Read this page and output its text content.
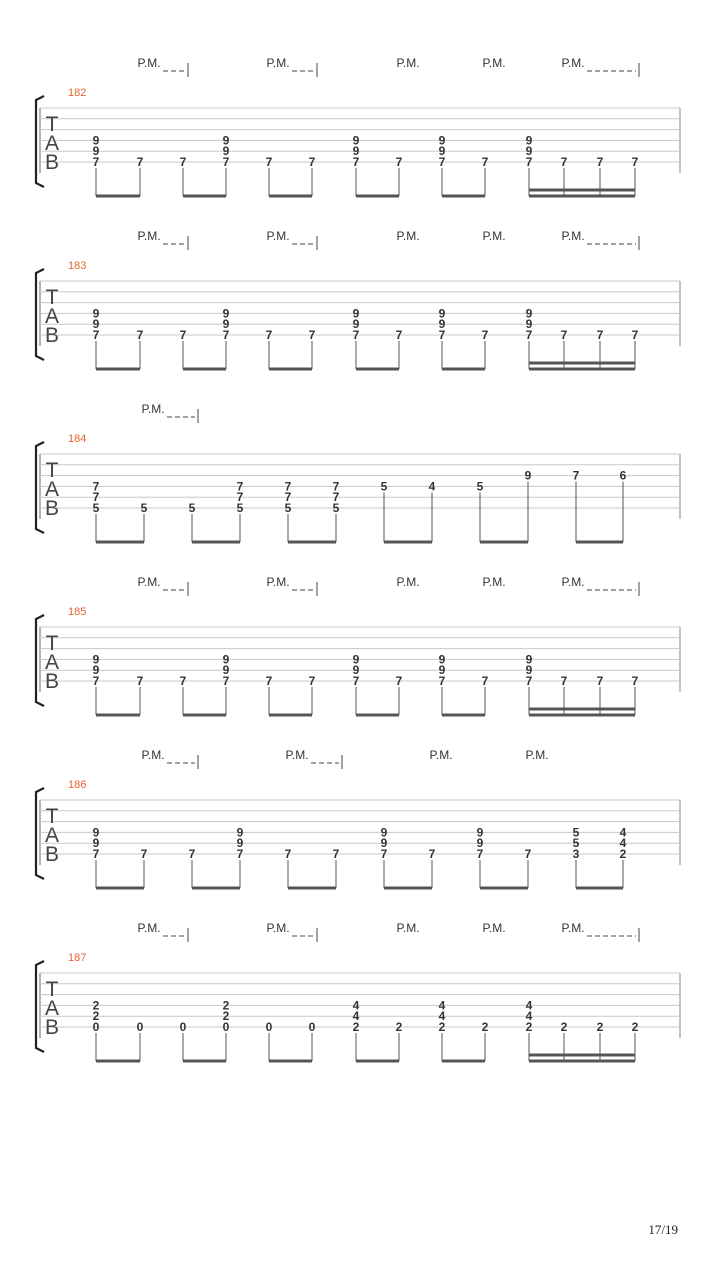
T
A
B
182
P.M.	P.M.	P.M.	P.M.	P.M.
9
9
7	7	7
9
9
7	7	7
9
9
7	7
9
9
7	7
9
9
7 7 7 7
T
A
B
183
P.M.	P.M.	P.M.	P.M.	P.M.
9
9
7	7	7
9
9
7	7	7
9
9
7	7
9
9
7	7
9
9
7 7 7 7
T
A
B
184
P.M.
7
7
5	5	5
7
7
5
7
7
5
7
7
5
5	4	5
9	7	6
T
A
B
185
P.M.	P.M.	P.M.	P.M.	P.M.
9
9
7	7	7
9
9
7	7	7
9
9
7	7
9
9
7	7
9
9
7 7 7 7
T
A
B
186
P.M.	P.M.	P.M.	P.M.
9
9
7	7	7
9
9
7	7	7
9
9
7	7
9
9
7	7
5
5
3
4
4
2
T
A
B
187
P.M.	P.M.	P.M.	P.M.	P.M.
2
2
0	0	0
2
2
0	0	0
4
4
2	2
4
4
2	2
4
4
2 2 2 2
17/19
